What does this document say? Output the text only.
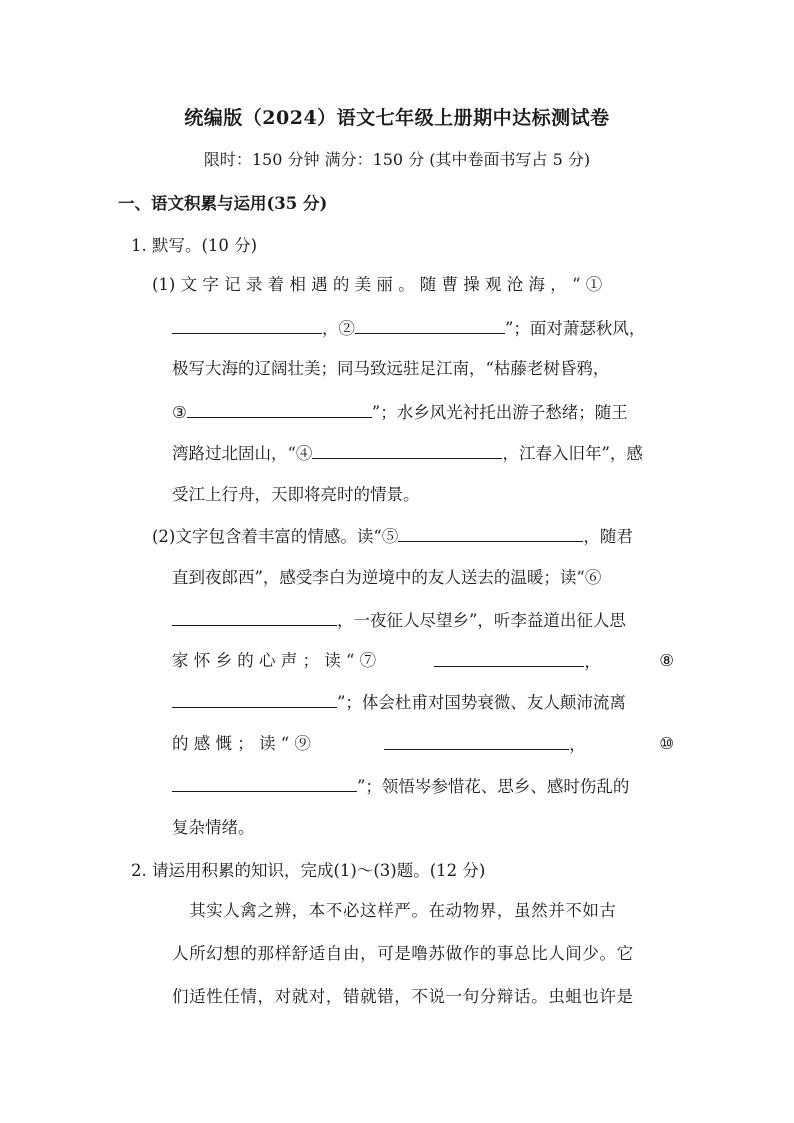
统编版（2024）语文七年级上册期中达标测试卷
限时：150 分钟 满分：150 分 (其中卷面书写占 5 分)
一、语文积累与运用(35 分)
1. 默写。(10 分)
(1) 文 字 记 录 着 相 遇 的 美 丽 。 随 曹 操 观 沧 海 ， “ ①
，②	”；面对萧瑟秋风，
极写大海的辽阔壮美；同马致远驻足江南，“枯藤老树昏鸦，
③	”；水乡风光衬托出游子愁绪；随王
湾路过北固山，“④	，江春入旧年”，感
受江上行舟，天即将亮时的情景。
(2)文字包含着丰富的情感。读“⑤	，随君
直到夜郎西”，感受李白为逆境中的友人送去的温暖；读“⑥
，一夜征人尽望乡”，听李益道出征人思
家 怀 乡 的 心 声 ； 读 “ ⑦	，	⑧
”；体会杜甫对国势衰微、友人颠沛流离
的 感 慨 ； 读 “ ⑨	，	⑩
”；领悟岑参惜花、思乡、感时伤乱的
复杂情绪。
2. 请运用积累的知识，完成(1)～(3)题。(12 分)
　其实人禽之辨，本不必这样严。在动物界，虽然并不如古
人所幻想的那样舒适自由，可是噜苏做作的事总比人间少。它
们适性任情，对就对，错就错，不说一句分辩话。虫蛆也许是
